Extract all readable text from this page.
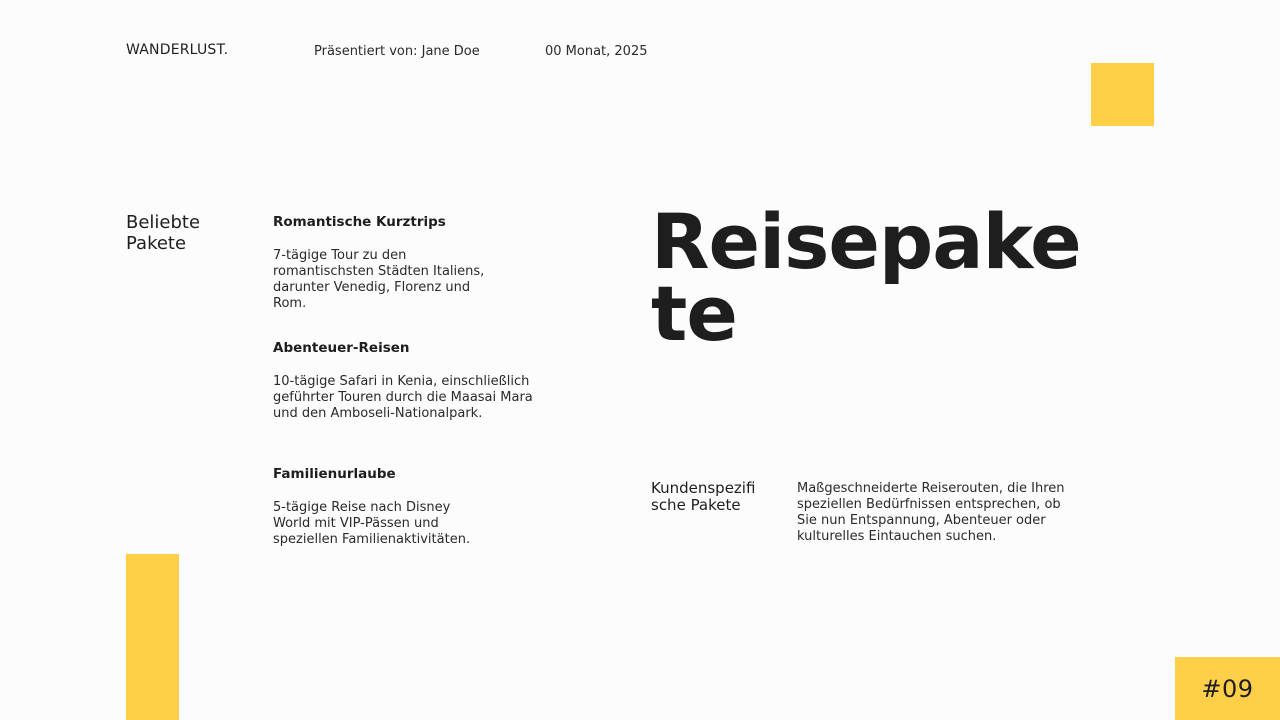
WANDERLUST.	Präsentiert von: Jane Doe	00 Monat, 2025
Beliebte Pakete

Romantische Kurztrips

7-tägige Tour zu den romantischsten Städten Italiens, darunter Venedig, Florenz und Rom.

Abenteuer-Reisen

10-tägige Safari in Kenia, einschließlich geführter Touren durch die Maasai Mara und den Amboseli-Nationalpark.

Familienurlaube

5-tägige Reise nach Disney World mit VIP-Pässen und speziellen Familienaktivitäten.

Reisepakete
Kundenspezifische Pakete
Maßgeschneiderte Reiserouten, die Ihren speziellen Bedürfnissen entsprechen, ob Sie nun Entspannung, Abenteuer oder kulturelles Eintauchen suchen.
#09
